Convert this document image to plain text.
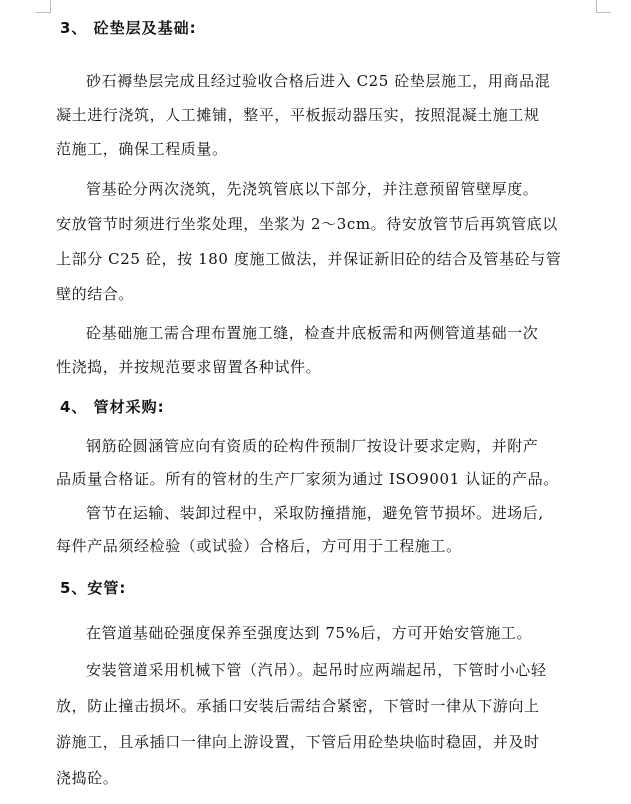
3、 砼垫层及基础:

砂石褥垫层完成且经过验收合格后进入 C25 砼垫层施工，用商品混
凝土进行浇筑，人工摊铺，整平，平板振动器压实，按照混凝土施工规
范施工，确保工程质量。

管基砼分两次浇筑，先浇筑管底以下部分，并注意预留管壁厚度。
安放管节时须进行坐浆处理，坐浆为 2～3cm。待安放管节后再筑管底以
上部分 C25 砼，按 180 度施工做法，并保证新旧砼的结合及管基砼与管
壁的结合。

砼基础施工需合理布置施工缝，检查井底板需和两侧管道基础一次
性浇捣，并按规范要求留置各种试件。

4、 管材采购:

钢筋砼圆涵管应向有资质的砼构件预制厂按设计要求定购，并附产
品质量合格证。所有的管材的生产厂家须为通过 ISO9001 认证的产品。

管节在运输、装卸过程中，采取防撞措施，避免管节损坏。进场后,
每件产品须经检验（或试验）合格后，方可用于工程施工。

5、安管:

在管道基础砼强度保养至强度达到 75%后，方可开始安管施工。

安装管道采用机械下管（汽吊）。起吊时应两端起吊，下管时小心轻
放，防止撞击损坏。承插口安装后需结合紧密，下管时一律从下游向上
游施工，且承插口一律向上游设置，下管后用砼垫块临时稳固，并及时
浇捣砼。
